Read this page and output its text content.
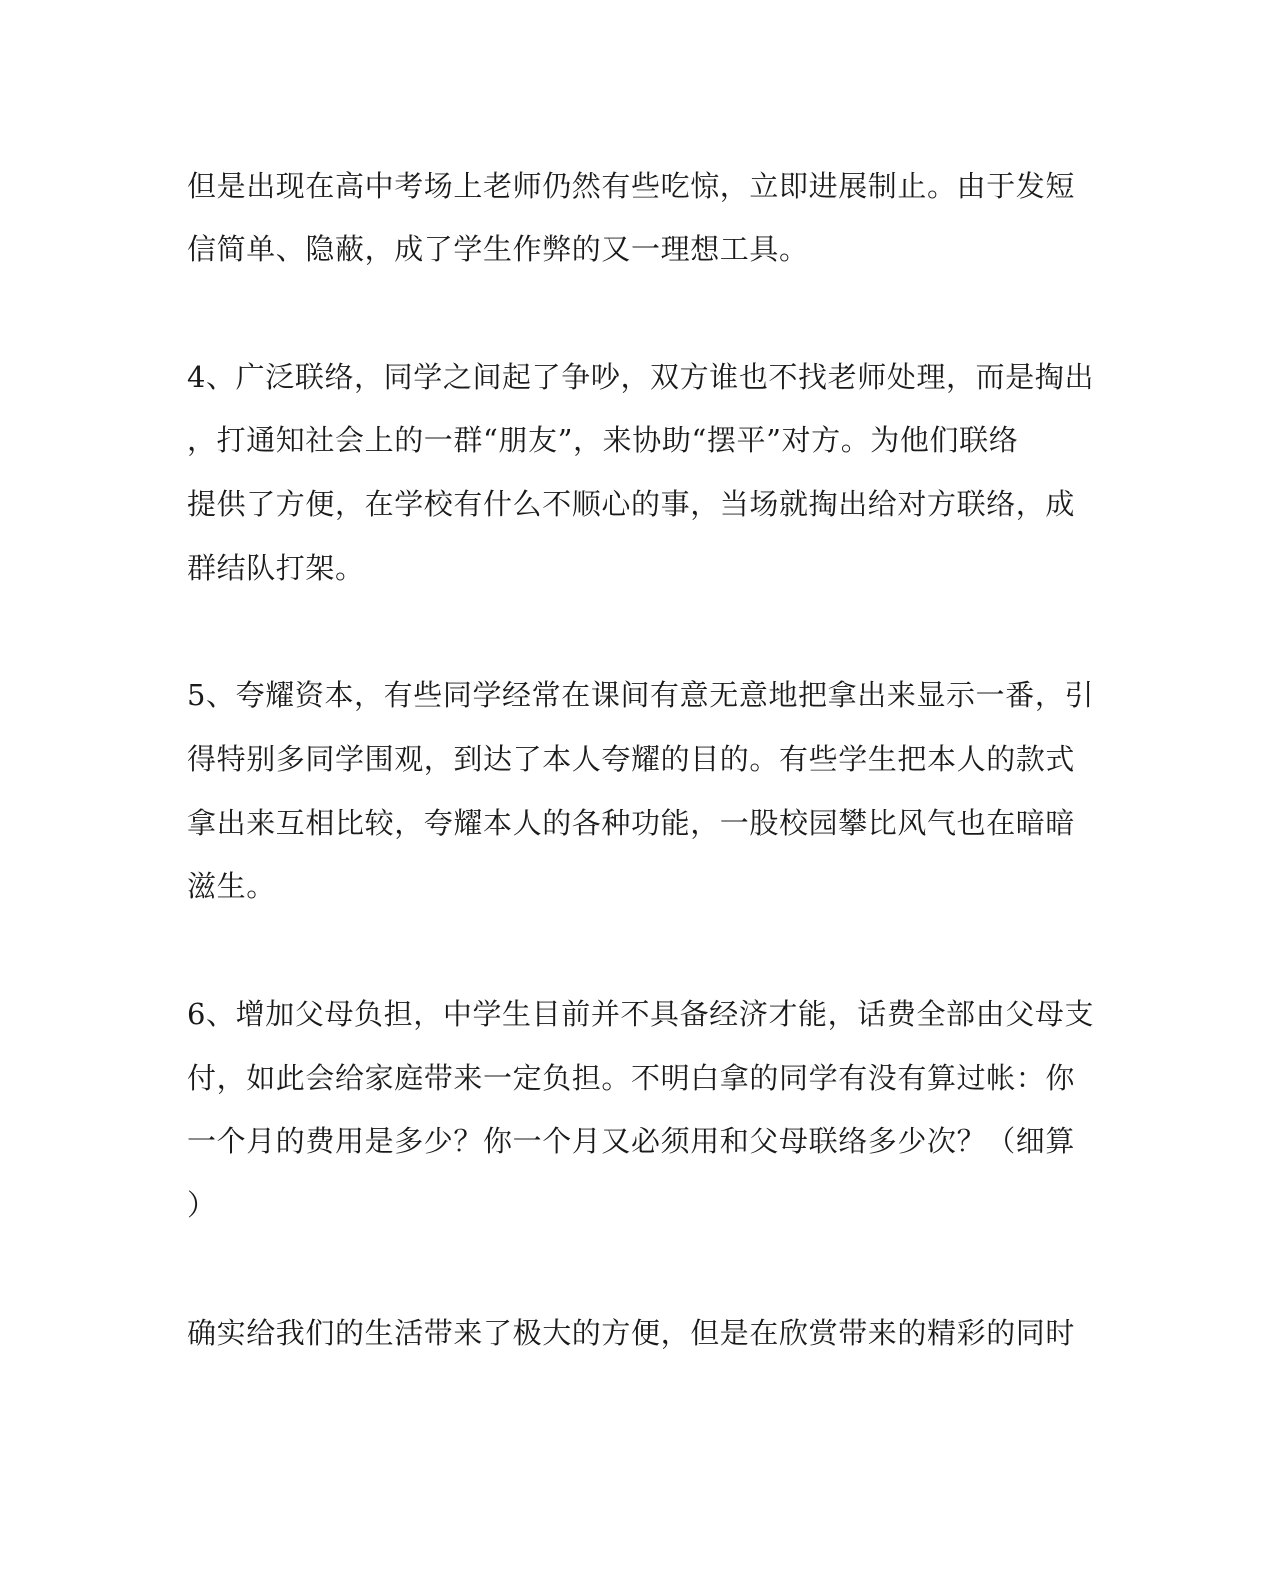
但是出现在高中考场上老师仍然有些吃惊，立即进展制止。由于发短
信简单、隐蔽，成了学生作弊的又一理想工具。
4、广泛联络，同学之间起了争吵，双方谁也不找老师处理，而是掏出
，打通知社会上的一群“朋友”，来协助“摆平”对方。为他们联络
提供了方便，在学校有什么不顺心的事，当场就掏出给对方联络，成
群结队打架。
5、夸耀资本，有些同学经常在课间有意无意地把拿出来显示一番，引
得特别多同学围观，到达了本人夸耀的目的。有些学生把本人的款式
拿出来互相比较，夸耀本人的各种功能，一股校园攀比风气也在暗暗
滋生。
6、增加父母负担，中学生目前并不具备经济才能，话费全部由父母支
付，如此会给家庭带来一定负担。不明白拿的同学有没有算过帐：你
一个月的费用是多少？你一个月又必须用和父母联络多少次？（细算
）
确实给我们的生活带来了极大的方便，但是在欣赏带来的精彩的同时
